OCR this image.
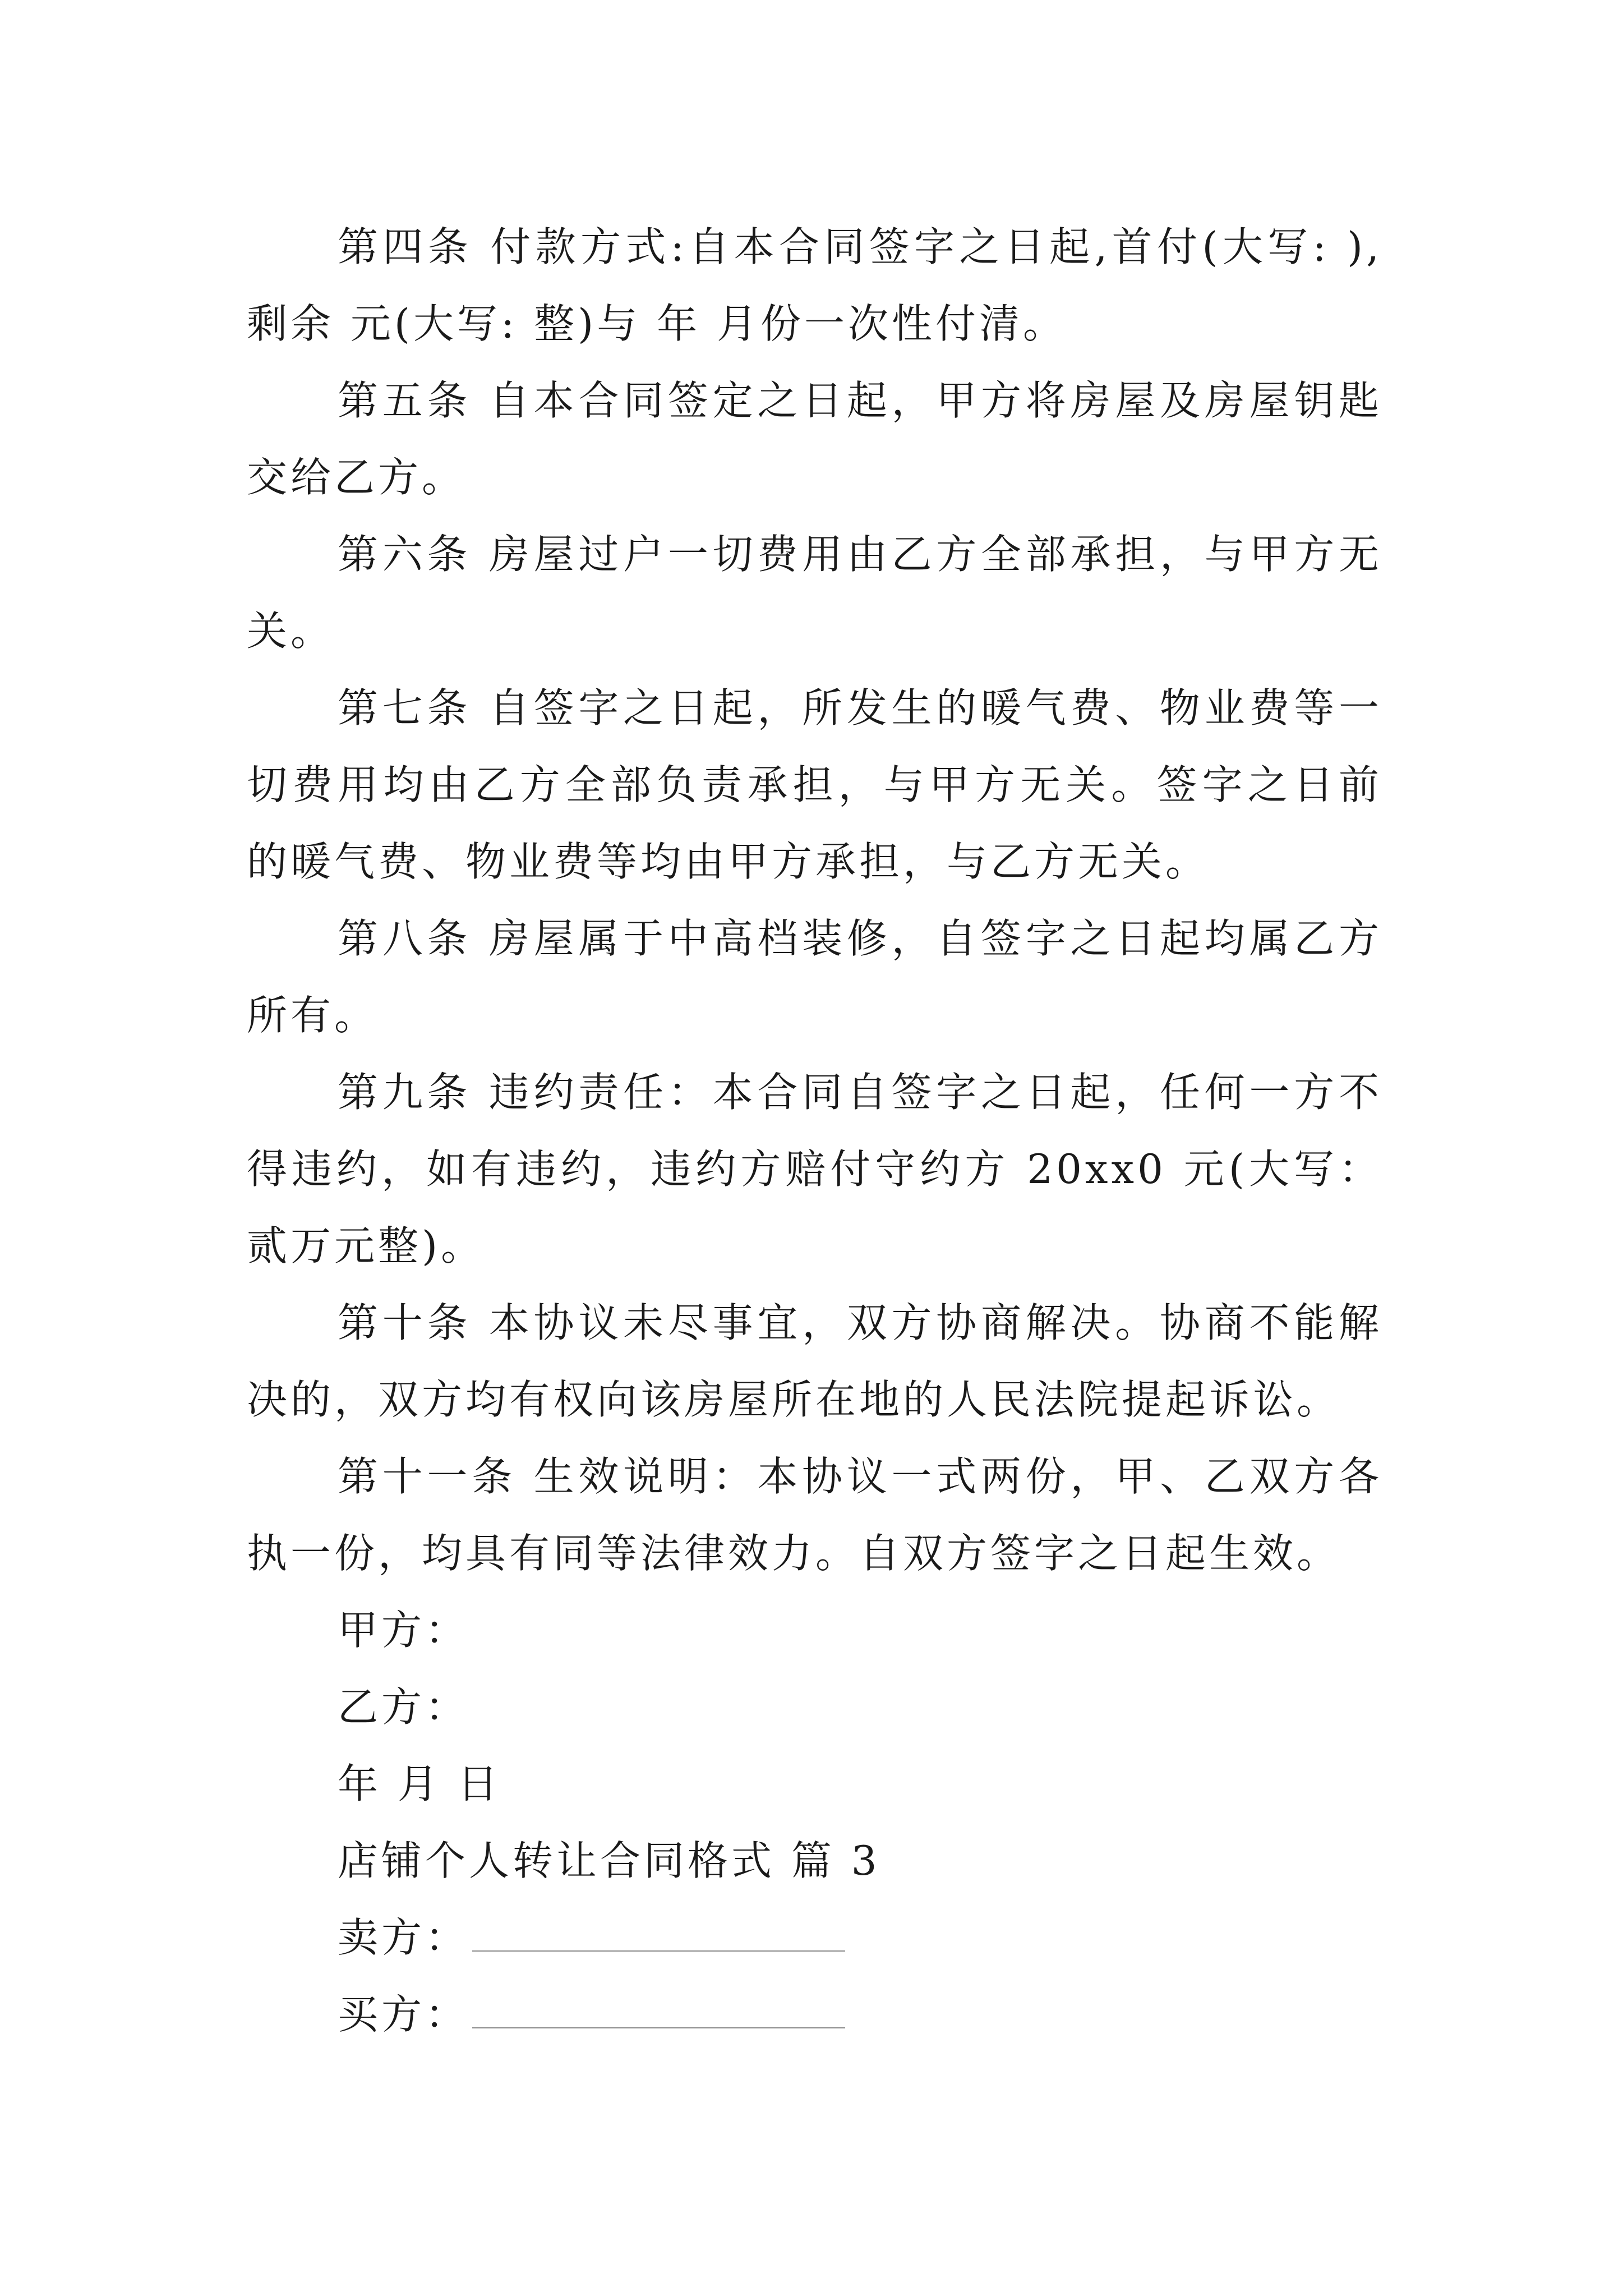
第四条 付款方式:自本合同签字之日起,首付(大写: ),剩余 元(大写: 整)与 年 月份一次性付清。

第五条 自本合同签定之日起，甲方将房屋及房屋钥匙交给乙方。

第六条 房屋过户一切费用由乙方全部承担，与甲方无关。

第七条 自签字之日起，所发生的暖气费、物业费等一切费用均由乙方全部负责承担，与甲方无关。签字之日前的暖气费、物业费等均由甲方承担，与乙方无关。

第八条 房屋属于中高档装修，自签字之日起均属乙方所有。

第九条 违约责任：本合同自签字之日起，任何一方不得违约，如有违约，违约方赔付守约方 20xx0 元(大写：贰万元整)。

第十条 本协议未尽事宜，双方协商解决。协商不能解决的，双方均有权向该房屋所在地的人民法院提起诉讼。

第十一条 生效说明：本协议一式两份，甲、乙双方各执一份，均具有同等法律效力。自双方签字之日起生效。

甲方：

乙方：

年 月 日

店铺个人转让合同格式 篇 3

卖方：

买方：
